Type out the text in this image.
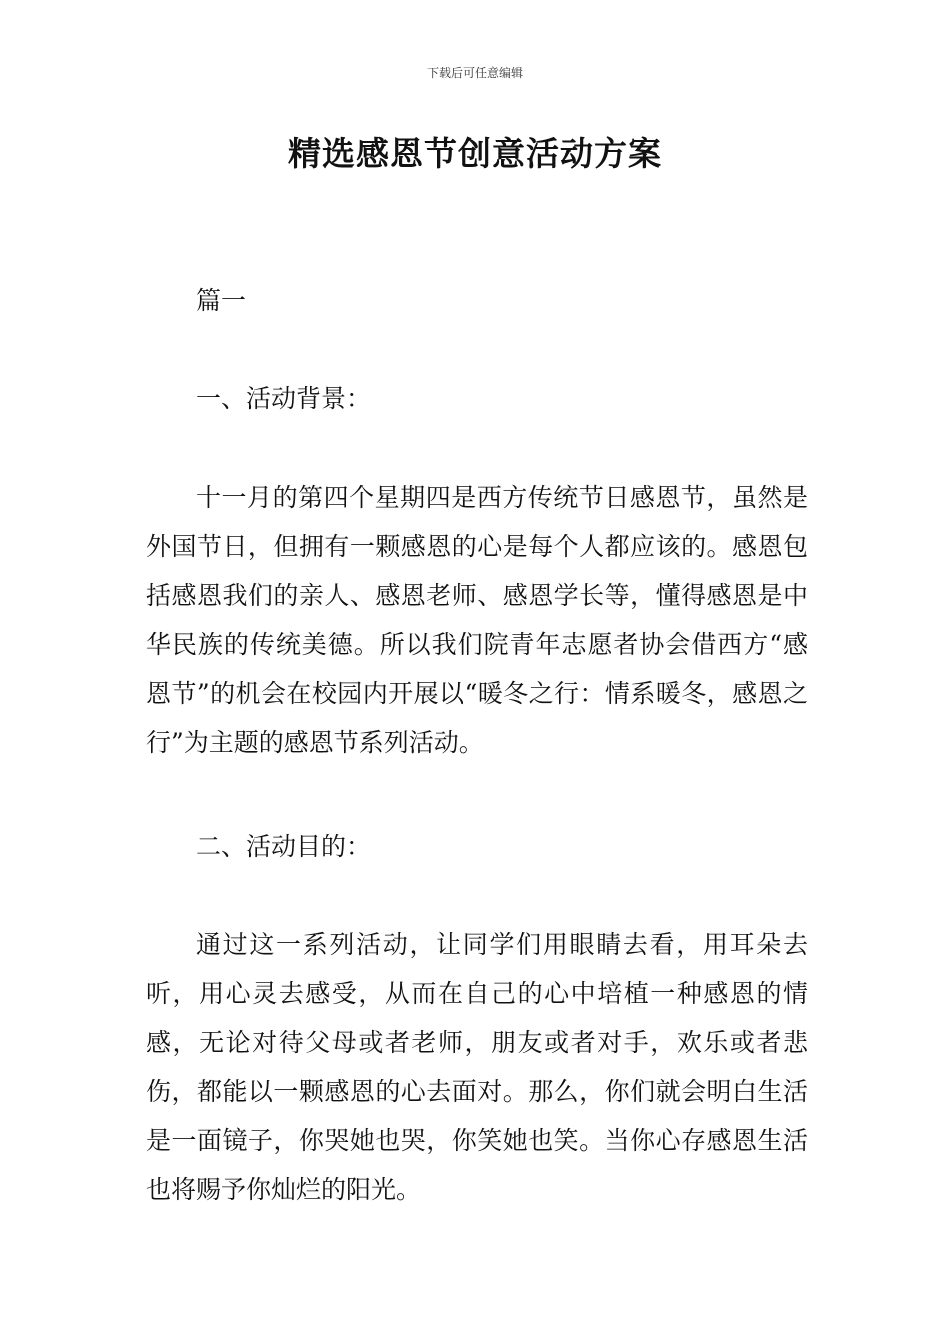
下载后可任意编辑
精选感恩节创意活动方案
篇一
一、活动背景：
十一月的第四个星期四是西方传统节日感恩节，虽然是外国节日，但拥有一颗感恩的心是每个人都应该的。感恩包括感恩我们的亲人、感恩老师、感恩学长等，懂得感恩是中华民族的传统美德。所以我们院青年志愿者协会借西方“感恩节”的机会在校园内开展以“暖冬之行：情系暖冬，感恩之行”为主题的感恩节系列活动。
二、活动目的：
通过这一系列活动，让同学们用眼睛去看，用耳朵去听，用心灵去感受，从而在自己的心中培植一种感恩的情感，无论对待父母或者老师，朋友或者对手，欢乐或者悲伤，都能以一颗感恩的心去面对。那么，你们就会明白生活是一面镜子，你哭她也哭，你笑她也笑。当你心存感恩生活也将赐予你灿烂的阳光。
